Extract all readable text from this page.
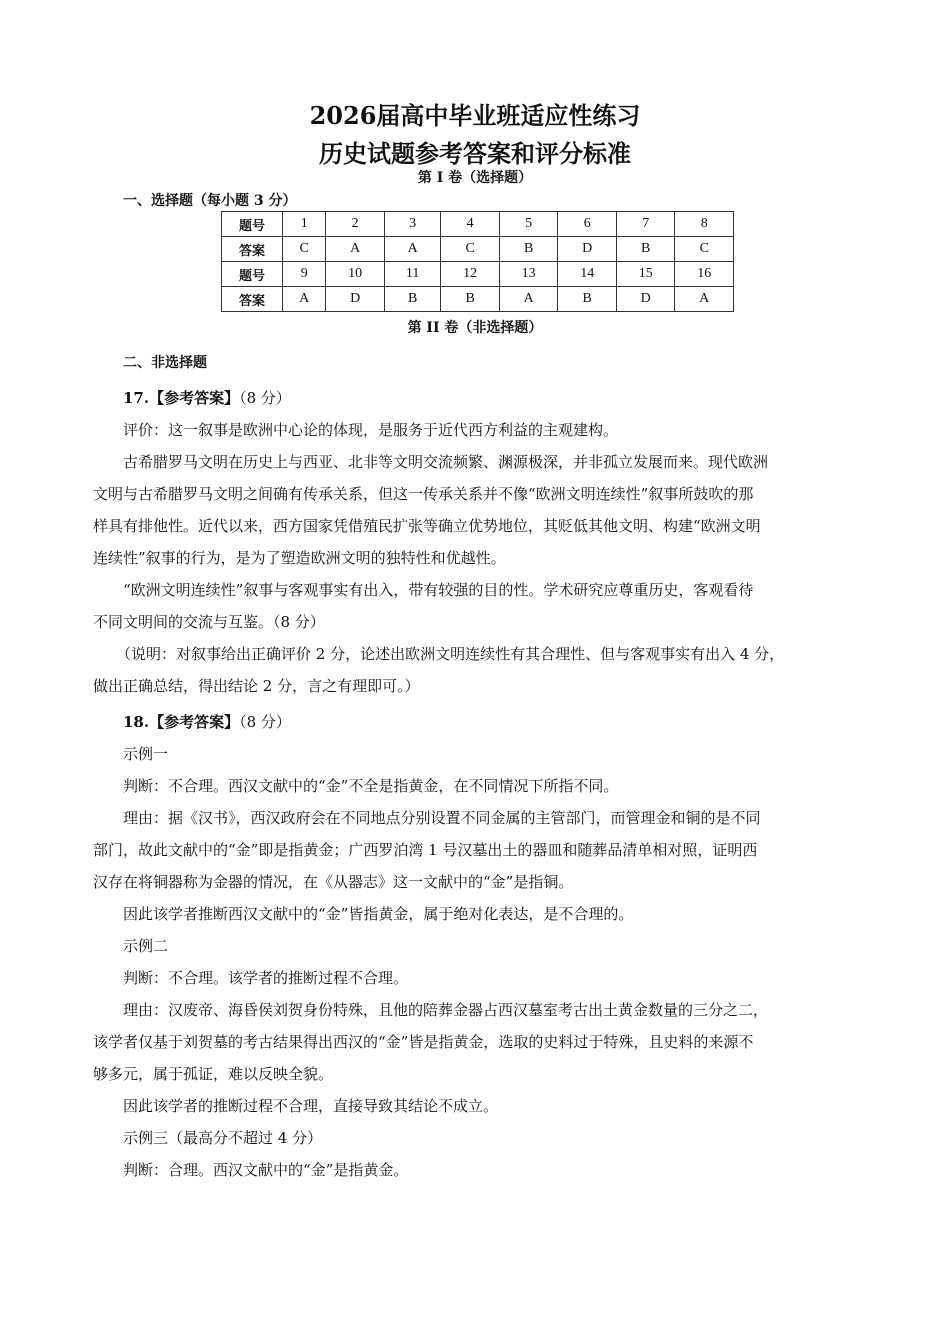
2026届高中毕业班适应性练习
历史试题参考答案和评分标准
第 I 卷（选择题）
一、选择题（每小题 3 分）
题号	1	2	3	4	5	6	7	8
答案	C	A	A	C	B	D	B	C
题号	9	10	11	12	13	14	15	16
答案	A	D	B	B	A	B	D	A
第 II 卷（非选择题）
二、非选择题
17.【参考答案】（8 分）
评价：这一叙事是欧洲中心论的体现，是服务于近代西方利益的主观建构。
古希腊罗马文明在历史上与西亚、北非等文明交流频繁、渊源极深，并非孤立发展而来。现代欧洲
文明与古希腊罗马文明之间确有传承关系，但这一传承关系并不像“欧洲文明连续性”叙事所鼓吹的那
样具有排他性。近代以来，西方国家凭借殖民扩张等确立优势地位，其贬低其他文明、构建“欧洲文明
连续性”叙事的行为，是为了塑造欧洲文明的独特性和优越性。
“欧洲文明连续性”叙事与客观事实有出入，带有较强的目的性。学术研究应尊重历史，客观看待
不同文明间的交流与互鉴。（8 分）
（说明：对叙事给出正确评价 2 分，论述出欧洲文明连续性有其合理性、但与客观事实有出入 4 分，
做出正确总结，得出结论 2 分，言之有理即可。）
18.【参考答案】（8 分）
示例一
判断：不合理。西汉文献中的“金”不全是指黄金，在不同情况下所指不同。
理由：据《汉书》，西汉政府会在不同地点分别设置不同金属的主管部门，而管理金和铜的是不同
部门，故此文献中的“金”即是指黄金；广西罗泊湾 1 号汉墓出土的器皿和随葬品清单相对照，证明西
汉存在将铜器称为金器的情况，在《从器志》这一文献中的“金”是指铜。
因此该学者推断西汉文献中的“金”皆指黄金，属于绝对化表达，是不合理的。
示例二
判断：不合理。该学者的推断过程不合理。
理由：汉废帝、海昏侯刘贺身份特殊，且他的陪葬金器占西汉墓室考古出土黄金数量的三分之二，
该学者仅基于刘贺墓的考古结果得出西汉的“金”皆是指黄金，选取的史料过于特殊，且史料的来源不
够多元，属于孤证，难以反映全貌。
因此该学者的推断过程不合理，直接导致其结论不成立。
示例三（最高分不超过 4 分）
判断：合理。西汉文献中的“金”是指黄金。
